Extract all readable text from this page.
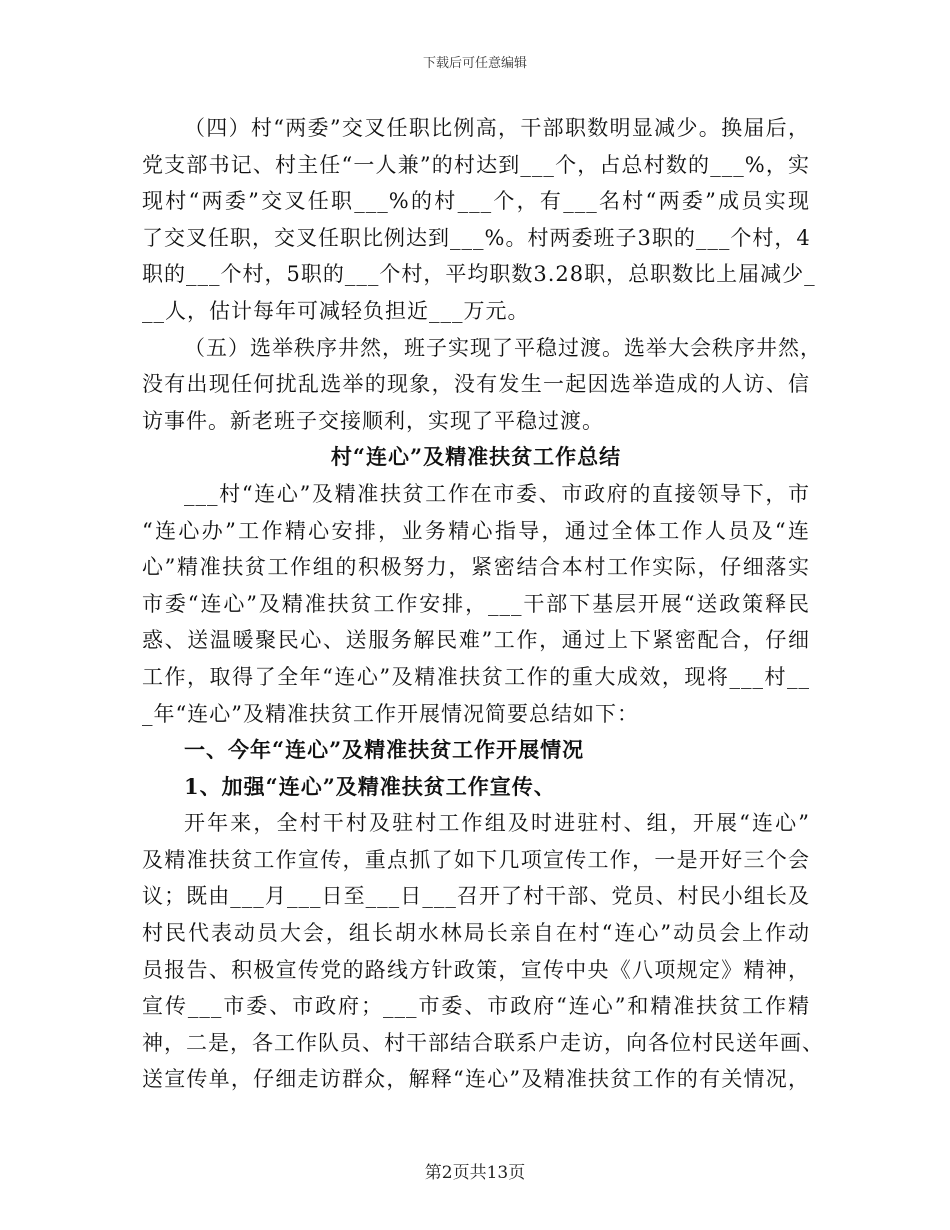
下载后可任意编辑
（四）村“两委”交叉任职比例高，干部职数明显减少。换届后，
党支部书记、村主任“一人兼”的村达到___个，占总村数的___%，实
现村“两委”交叉任职___%的村___个，有___名村“两委”成员实现
了交叉任职，交叉任职比例达到___%。村两委班子3职的___个村，4
职的___个村，5职的___个村，平均职数3.28职，总职数比上届减少_
__人，估计每年可减轻负担近___万元。
（五）选举秩序井然，班子实现了平稳过渡。选举大会秩序井然，
没有出现任何扰乱选举的现象，没有发生一起因选举造成的人访、信
访事件。新老班子交接顺利，实现了平稳过渡。
村“连心”及精准扶贫工作总结
___村“连心”及精准扶贫工作在市委、市政府的直接领导下，市
“连心办”工作精心安排，业务精心指导，通过全体工作人员及“连
心”精准扶贫工作组的积极努力，紧密结合本村工作实际，仔细落实
市委“连心”及精准扶贫工作安排，___干部下基层开展“送政策释民
惑、送温暖聚民心、送服务解民难”工作，通过上下紧密配合，仔细
工作，取得了全年“连心”及精准扶贫工作的重大成效，现将___村__
_年“连心”及精准扶贫工作开展情况简要总结如下：
一、今年“连心”及精准扶贫工作开展情况
1、加强“连心”及精准扶贫工作宣传、
开年来，全村干村及驻村工作组及时进驻村、组，开展“连心”
及精准扶贫工作宣传，重点抓了如下几项宣传工作，一是开好三个会
议；既由___月___日至___日___召开了村干部、党员、村民小组长及
村民代表动员大会，组长胡水林局长亲自在村“连心”动员会上作动
员报告、积极宣传党的路线方针政策，宣传中央《八项规定》精神，
宣传___市委、市政府；___市委、市政府“连心”和精准扶贫工作精
神，二是，各工作队员、村干部结合联系户走访，向各位村民送年画、
送宣传单，仔细走访群众，解释“连心”及精准扶贫工作的有关情况，
第2页共13页
